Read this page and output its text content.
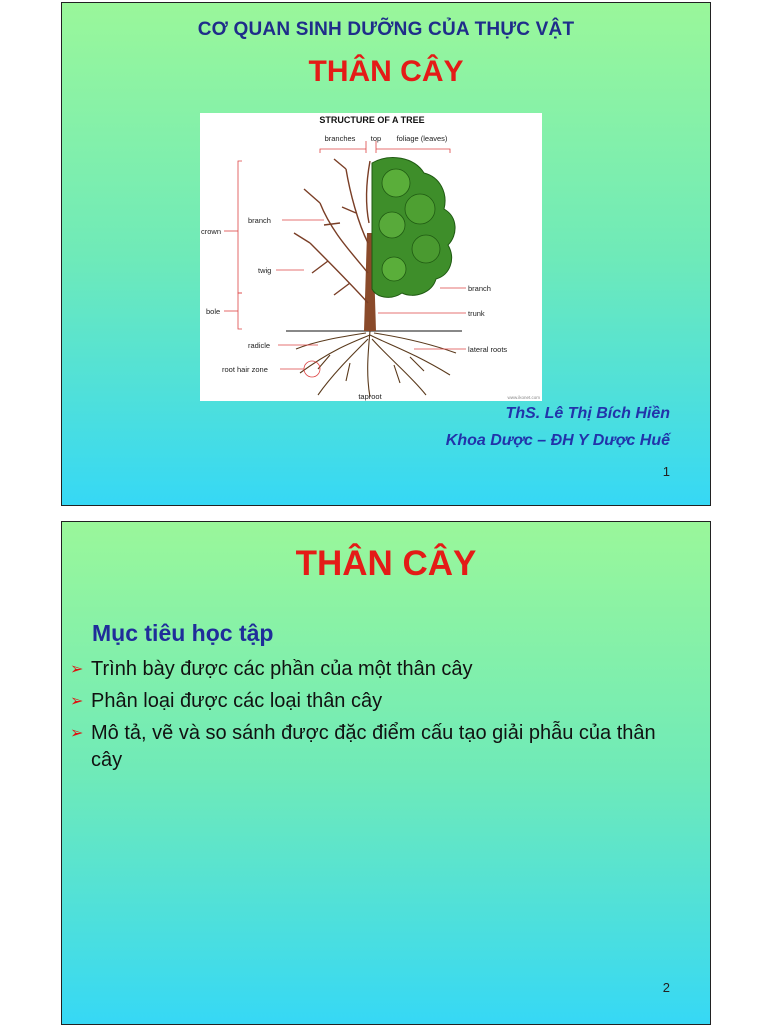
CƠ QUAN SINH DƯỠNG CỦA THỰC VẬT
THÂN CÂY
STRUCTURE OF A TREE
branches top foliage (leaves)
crown
bole
branch
twig
radicle
root hair zone
branch
trunk
lateral roots
taproot	www.ikonet.com
ThS. Lê Thị Bích Hiền
Khoa Dược – ĐH Y Dược Huế
1
THÂN CÂY
Mục tiêu học tập
➢ Trình bày được các phần của một thân cây
➢ Phân loại được các loại thân cây
➢ Mô tả, vẽ và so sánh được đặc điểm cấu tạo giải phẫu của thân cây
2
